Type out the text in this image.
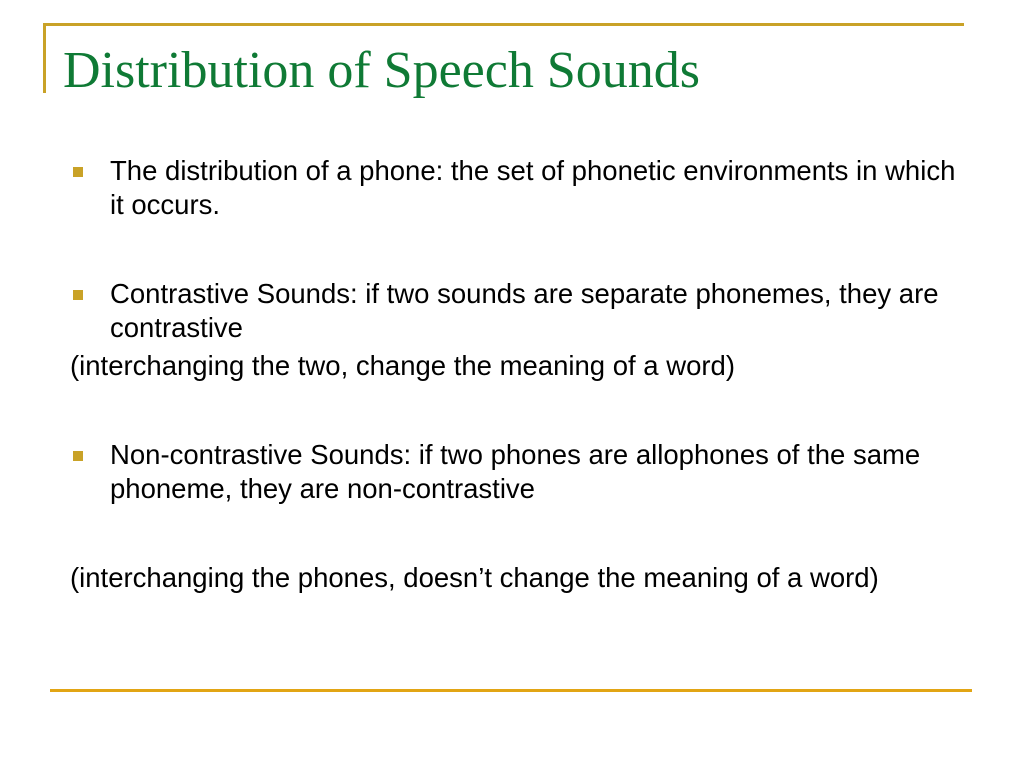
Distribution of Speech Sounds

The distribution of a phone: the set of phonetic environments in which it occurs.

Contrastive Sounds: if two sounds are separate phonemes, they are contrastive

(interchanging the two, change the meaning of a word)

Non-contrastive Sounds: if two phones are allophones of the same phoneme, they are non-contrastive

(interchanging the phones, doesn’t change the meaning of a word)
